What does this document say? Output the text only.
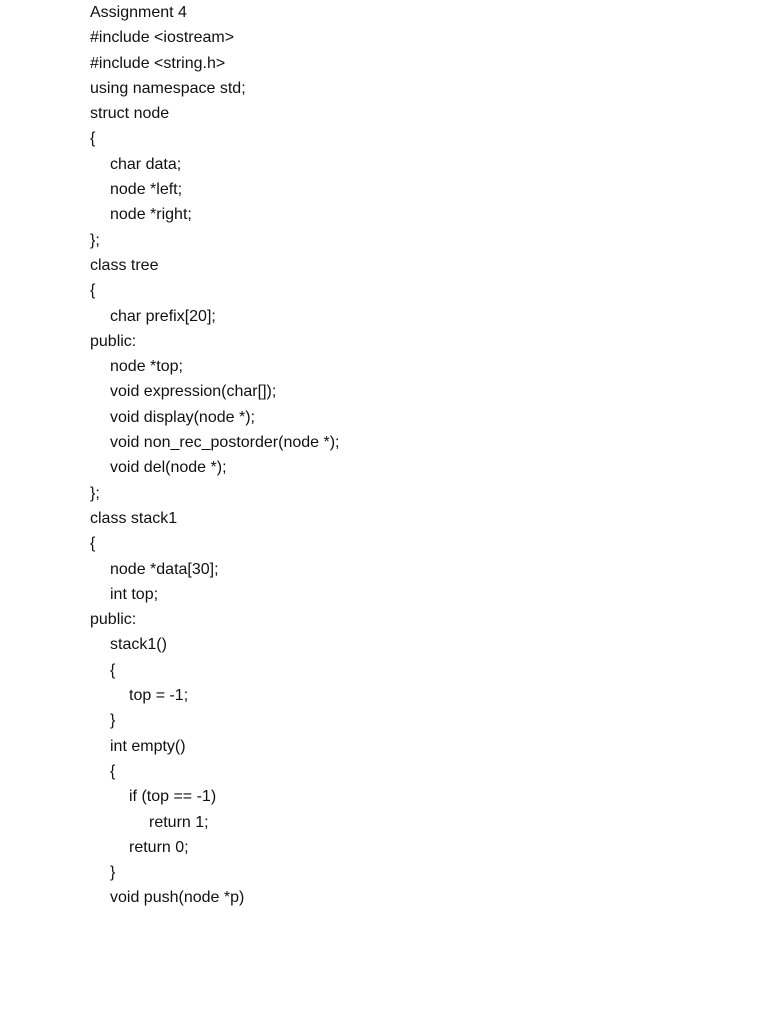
Assignment 4
#include <iostream>
#include <string.h>
using namespace std;
struct node
{
char data;
node *left;
node *right;
};
class tree
{
char prefix[20];
public:
node *top;
void expression(char[]);
void display(node *);
void non_rec_postorder(node *);
void del(node *);
};
class stack1
{
node *data[30];
int top;
public:
stack1()
{
top = -1;
}
int empty()
{
if (top == -1)
return 1;
return 0;
}
void push(node *p)
